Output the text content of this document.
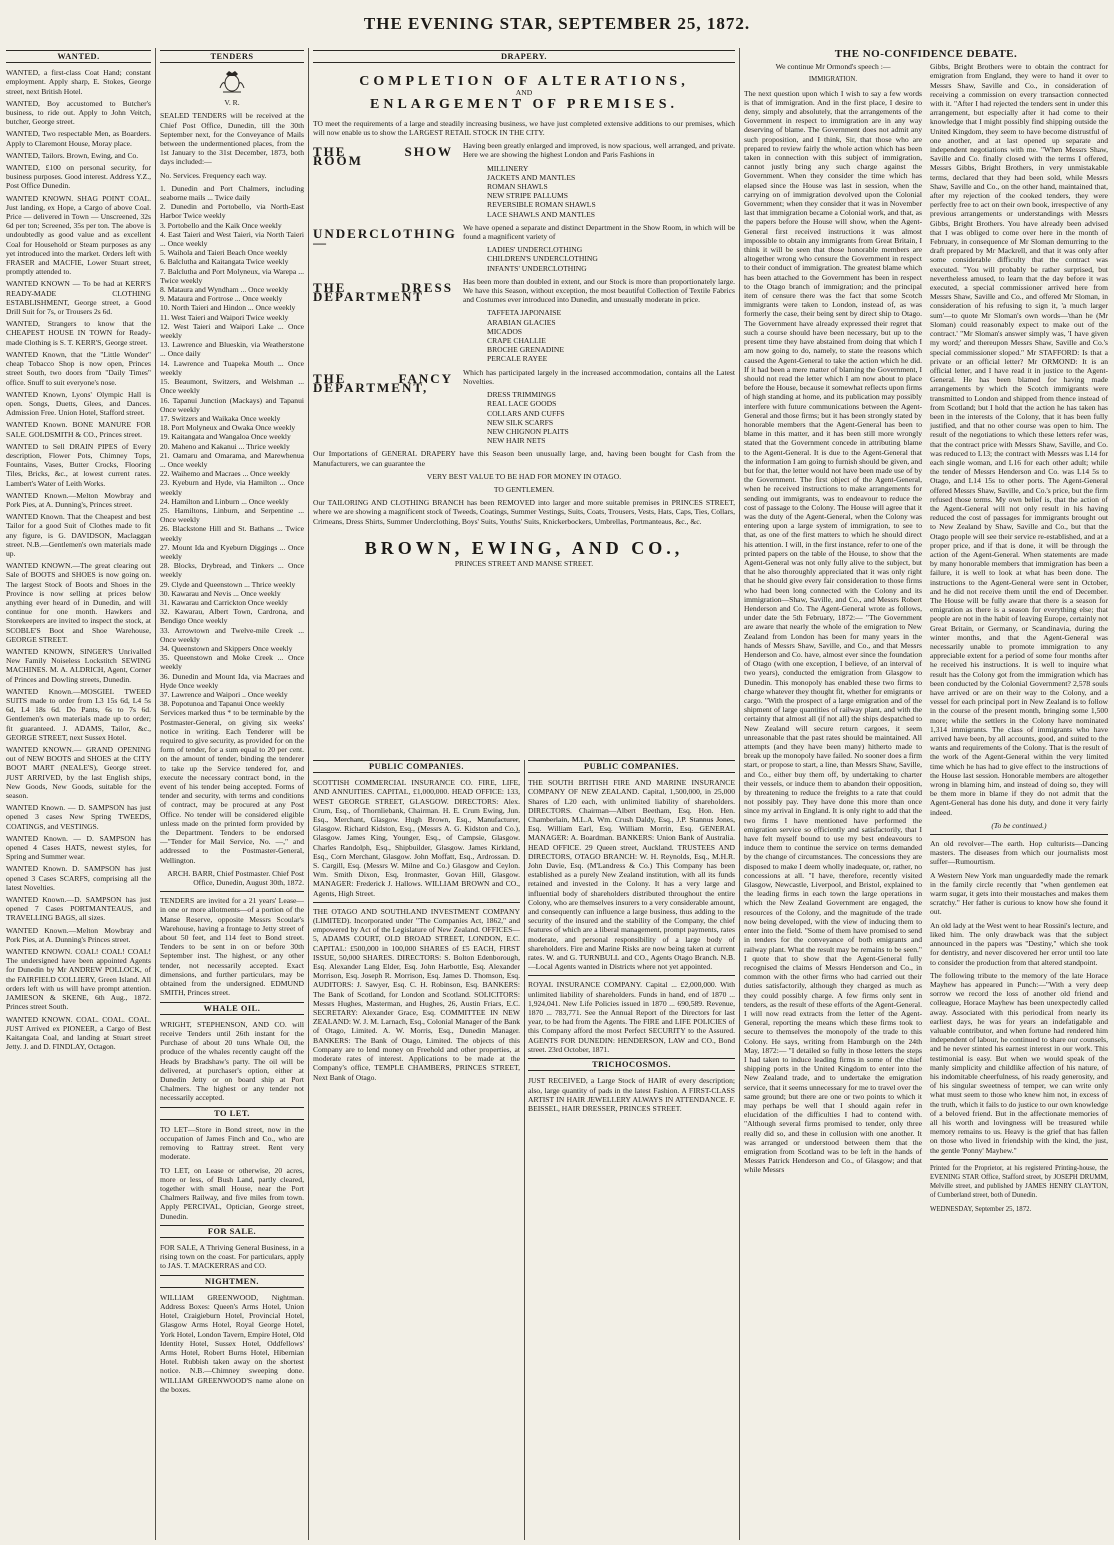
THE EVENING STAR, SEPTEMBER 25, 1872.
WANTED.
WANTED, a first-class Coat Hand; constant employment. Apply sharp, E. Stokes, George street, next British Hotel.
WANTED, Boy accustomed to Butcher's business, to ride out. Apply to John Veitch, butcher, George street.
WANTED, Two respectable Men, as Boarders. Apply to Claremont House, Moray place.
WANTED, Tailors. Brown, Ewing, and Co.
WANTED, £100 on personal security, for business purposes. Good interest. Address Y.Z., Post Office Dunedin.
WANTED KNOWN. SHAG POINT COAL. Just landing, ex Hope, a Cargo of above Coal. Price — delivered in Town — Unscreened, 32s 6d per ton; Screened, 35s per ton. The above is undoubtedly as good value and as excellent Coal for Household or Steam purposes as any yet introduced into the market. Orders left with FRASER and MACFIE, Lower Stuart street, promptly attended to.
WANTED KNOWN — To be had at KERR'S READY-MADE CLOTHING ESTABLISHMENT, George street, a Good Drill Suit for 7s, or Trousers 2s 6d.
WANTED, Strangers to know that the CHEAPEST HOUSE IN TOWN for Ready-made Clothing is S. T. KERR'S, George street.
WANTED Known, that the "Little Wonder" cheap Tobacco Shop is now open, Princes street South, two doors from "Daily Times" office. Snuff to suit everyone's nose.
WANTED Known, Lyons' Olympic Hall is open. Songs, Duetts, Glees, and Dances. Admission Free. Union Hotel, Stafford street.
WANTED Known. BONE MANURE FOR SALE. GOLDSMITH & CO., Princes street.
WANTED to Sell DRAIN PIPES of Every description, Flower Pots, Chimney Tops, Fountains, Vases, Butter Crocks, Flooring Tiles, Bricks, &c., at lowest current rates. Lambert's Water of Leith Works.
WANTED Known.—Melton Mowbray and Pork Pies, at A. Dunning's, Princes street.
WANTED Known. That the Cheapest and best Tailor for a good Suit of Clothes made to fit any figure, is G. DAVIDSON, Maclaggan street. N.B.—Gentlemen's own materials made up.
WANTED KNOWN.—The great clearing out Sale of BOOTS and SHOES is now going on. The largest Stock of Boots and Shoes in the Province is now selling at prices below anything ever heard of in Dunedin, and will continue for one month. Hawkers and Storekeepers are invited to inspect the stock, at SCOBLE'S Boot and Shoe Warehouse, GEORGE STREET.
WANTED KNOWN, SINGER'S Unrivalled New Family Noiseless Lockstitch SEWING MACHINES. M. A. ALDRICH, Agent, Corner of Princes and Dowling streets, Dunedin.
WANTED Known.—MOSGIEL TWEED SUITS made to order from L3 15s 6d, L4 5s 6d, L4 18s 6d. Do Pants, 6s to 7s 6d. Gentlemen's own materials made up to order; fit guaranteed. J. ADAMS, Tailor, &c., GEORGE STREET, next Sussex Hotel.
WANTED KNOWN.— GRAND OPENING out of NEW BOOTS and SHOES at the CITY BOOT MART (NEALE'S), George street. JUST ARRIVED, by the last English ships, New Goods, New Goods, suitable for the season.
WANTED Known. — D. SAMPSON has just opened 3 cases New Spring TWEEDS, COATINGS, and VESTINGS.
WANTED Known. — D. SAMPSON has opened 4 Cases HATS, newest styles, for Spring and Summer wear.
WANTED Known. D. SAMPSON has just opened 3 Cases SCARFS, comprising all the latest Novelties.
WANTED Known.—D. SAMPSON has just opened 7 Cases PORTMANTEAUS, and TRAVELLING BAGS, all sizes.
WANTED Known.—Melton Mowbray and Pork Pies, at A. Dunning's Princes street.
WANTED KNOWN. COAL! COAL! COAL! The undersigned have been appointed Agents for Dunedin by Mr ANDREW POLLOCK, of the FAIRFIELD COLLIERY, Green Island. All orders left with us will have prompt attention. JAMIESON & SKENE, 6th Aug., 1872. Princes street South.
WANTED KNOWN. COAL. COAL. COAL. JUST Arrived ex PIONEER, a Cargo of Best Kaitangata Coal, and landing at Stuart street Jetty. J. and D. FINDLAY, Octagon.
TENDERS

V. R.

SEALED TENDERS will be received at the Chief Post Office, Dunedin, till the 30th September next, for the Conveyance of Mails between the undermentioned places, from the 1st January to the 31st December, 1873, both days included:—

No. Services. Frequency each way.

1. Dunedin and Port Chalmers, including seaborne mails ... Twice daily
2. Dunedin and Portobello, via North-East Harbor Twice weekly
3. Portobello and the Kaik Once weekly
4. East Taieri and West Taieri, via North Taieri ... Once weekly
5. Waihola and Taieri Beach Once weekly
6. Balclutha and Kaitangata Twice weekly
7. Balclutha and Port Molyneux, via Warepa ... Twice weekly
8. Mataura and Wyndham ... Once weekly
9. Mataura and Fortrose ... Once weekly
10. North Taieri and Hindon ... Once weekly
11. West Taieri and Waipori Twice weekly
12. West Taieri and Waipori Lake ... Once weekly
13. Lawrence and Blueskin, via Weatherstone ... Once daily
14. Lawrence and Tuapeka Mouth ... Once weekly
15. Beaumont, Switzers, and Welshman ... Once weekly
16. Tapanui Junction (Mackays) and Tapanui Once weekly
17. Switzers and Waikaka Once weekly
18. Port Molyneux and Owaka Once weekly
19. Kaitangata and Wangaloa Once weekly
20. Maheno and Kakanui ... Thrice weekly
21. Oamaru and Omarama, and Marewhenua ... Once weekly
22. Waihemo and Macraes ... Once weekly
23. Kyeburn and Hyde, via Hamilton ... Once weekly
24. Hamilton and Linburn ... Once weekly
25. Hamiltons, Linburn, and Serpentine ... Once weekly
26. Blackstone Hill and St. Bathans ... Twice weekly
27. Mount Ida and Kyeburn Diggings ... Once weekly
28. Blocks, Drybread, and Tinkers ... Once weekly
29. Clyde and Queenstown ... Thrice weekly
30. Kawarau and Nevis ... Once weekly
31. Kawarau and Carrickton Once weekly
32. Kawarau, Albert Town, Cardrona, and Bendigo Once weekly
33. Arrowtown and Twelve-mile Creek ... Once weekly
34. Queenstown and Skippers Once weekly
35. Queenstown and Moke Creek ... Once weekly
36. Dunedin and Mount Ida, via Macraes and Hyde Once weekly
37. Lawrence and Waipori .. Once weekly
38. Popotunoa and Tapanui Once weekly

Services marked thus * to be terminable by the Postmaster-General, on giving six weeks' notice in writing. Each Tenderer will be required to give security, as provided for on the form of tender, for a sum equal to 20 per cent. on the amount of tender, binding the tenderer to take up the Service tendered for, and execute the necessary contract bond, in the event of his tender being accepted. Forms of tender and security, with terms and conditions of contract, may be procured at any Post Office. No tender will be considered eligible unless made on the printed form provided by the Department. Tenders to be endorsed—"Tender for Mail Service, No. —," and addressed to the Postmaster-General, Wellington.

ARCH. BARR, Chief Postmaster. Chief Post Office, Dunedin, August 30th, 1872.

TENDERS are invited for a 21 years' Lease—in one or more allotments—of a portion of the Manse Reserve, opposite Messrs Scoular's Warehouse, having a frontage to Jetty street of about 50 feet, and 114 feet to Bond street. Tenders to be sent in on or before 30th September inst. The highest, or any other tender, not necessarily accepted. Exact dimensions, and further particulars, may be obtained from the undersigned. EDMUND SMITH, Princes street.

WHALE OIL.

WRIGHT, STEPHENSON, AND CO. will receive Tenders until 26th instant for the Purchase of about 20 tuns Whale Oil, the produce of the whales recently caught off the Heads by Bradshaw's party. The oil will be delivered, at purchaser's option, either at Dunedin Jetty or on board ship at Port Chalmers. The highest or any tender not necessarily accepted.

TO LET.

TO LET—Store in Bond street, now in the occupation of James Finch and Co., who are removing to Rattray street. Rent very moderate.

TO LET, on Lease or otherwise, 20 acres, more or less, of Bush Land, partly cleared, together with small House, near the Port Chalmers Railway, and five miles from town. Apply PERCIVAL, Optician, George street, Dunedin.

FOR SALE.

FOR SALE, A Thriving General Business, in a rising town on the coast. For particulars, apply to JAS. T. MACKERRAS and CO.

NIGHTMEN.

WILLIAM GREENWOOD, Nightman. Address Boxes: Queen's Arms Hotel, Union Hotel, Craigieburn Hotel, Provincial Hotel, Glasgow Arms Hotel, Royal George Hotel, York Hotel, London Tavern, Empire Hotel, Old Identity Hotel, Sussex Hotel, Oddfellows' Arms Hotel, Robert Burns Hotel, Hibernian Hotel. Rubbish taken away on the shortest notice. N.B.—Chimney sweeping done. WILLIAM GREENWOOD'S name alone on the boxes.

DRAPERY.
COMPLETION OF ALTERATIONS,
AND
ENLARGEMENT OF PREMISES.

TO meet the requirements of a large and steadily increasing business, we have just completed extensive additions to our premises, which will now enable us to show the LARGEST RETAIL STOCK IN THE CITY.

THE SHOW ROOM

Having been greatly enlarged and improved, is now spacious, well arranged, and private. Here we are showing the highest London and Paris Fashions in

MILLINERY
JACKETS AND MANTLES
ROMAN SHAWLS
NEW STRIPE PALLUMS
REVERSIBLE ROMAN SHAWLS
LACE SHAWLS AND MANTLES
UNDERCLOTHING—

We have opened a separate and distinct Department in the Show Room, in which will be found a magnificent variety of

LADIES' UNDERCLOTHING
CHILDREN'S UNDERCLOTHING
INFANTS' UNDERCLOTHING
THE DRESS DEPARTMENT

Has been more than doubled in extent, and our Stock is more than proportionately large. We have this Season, without exception, the most beautiful Collection of Textile Fabrics and Costumes ever introduced into Dunedin, and unusually moderate in price.

TAFFETA JAPONAISE
ARABIAN GLACIES
MICADOS
CRAPE CHALLIE
BROCHE GRENADINE
PERCALE RAYEE
THE FANCY DEPARTMENT,

Which has participated largely in the increased accommodation, contains all the Latest Novelties.

DRESS TRIMMINGS
REAL LACE GOODS
COLLARS AND CUFFS
NEW SILK SCARFS
NEW CHIGNON PLAITS
NEW HAIR NETS

Our Importations of GENERAL DRAPERY have this Season been unusually large, and, having been bought for Cash from the Manufacturers, we can guarantee the

VERY BEST VALUE TO BE HAD FOR MONEY IN OTAGO.

TO GENTLEMEN.

Our TAILORING AND CLOTHING BRANCH has been REMOVED into larger and more suitable premises in PRINCES STREET, where we are showing a magnificent stock of Tweeds, Coatings, Summer Vestings, Suits, Coats, Trousers, Vests, Hats, Caps, Ties, Collars, Crimeans, Dress Shirts, Summer Underclothing, Boys' Suits, Youths' Suits, Knickerbockers, Umbrellas, Portmanteaus, &c., &c.

BROWN, EWING, AND CO.,

PRINCES STREET AND MANSE STREET.

PUBLIC COMPANIES.

SCOTTISH COMMERCIAL INSURANCE CO. FIRE, LIFE, AND ANNUITIES. CAPITAL, £1,000,000. HEAD OFFICE: 133, WEST GEORGE STREET, GLASGOW. DIRECTORS: Alex. Crum, Esq., of Thornliebank, Chairman. H. E. Crum Ewing, Jun. Esq., Merchant, Glasgow. Hugh Brown, Esq., Manufacturer, Glasgow. Richard Kidston, Esq., (Messrs A. G. Kidston and Co.), Glasgow. James King, Younger, Esq., of Campsie, Glasgow. Charles Randolph, Esq., Shipbuilder, Glasgow. James Kirkland, Esq., Corn Merchant, Glasgow. John Moffatt, Esq., Ardrossan. D. S. Cargill, Esq. (Messrs W. Milne and Co.) Glasgow and Ceylon. Wm. Smith Dixon, Esq, Ironmaster, Govan Hill, Glasgow. MANAGER: Frederick J. Hallows. WILLIAM BROWN and CO., Agents, High Street.

THE OTAGO AND SOUTHLAND INVESTMENT COMPANY (LIMITED). Incorporated under "The Companies Act, 1862," and empowered by Act of the Legislature of New Zealand. OFFICES—5, ADAMS COURT, OLD BROAD STREET, LONDON, E.C. CAPITAL: £500,000 in 100,000 SHARES of £5 EACH, FIRST ISSUE, 50,000 SHARES. DIRECTORS: S. Bolton Edenborough, Esq. Alexander Lang Elder, Esq. John Harbottle, Esq. Alexander Morrison, Esq. Joseph R. Morrison, Esq. James D. Thomson, Esq. AUDITORS: J. Sawyer, Esq. C. H. Robinson, Esq. BANKERS: The Bank of Scotland, for London and Scotland. SOLICITORS: Messrs Hughes, Masterman, and Hughes, 26, Austin Friars, E.C. SECRETARY: Alexander Grace, Esq. COMMITTEE IN NEW ZEALAND: W. J. M. Larnach, Esq., Colonial Manager of the Bank of Otago, Limited. A. W. Morris, Esq., Dunedin Manager. BANKERS: The Bank of Otago, Limited. The objects of this Company are to lend money on Freehold and other properties, at moderate rates of interest. Applications to be made at the Company's office, TEMPLE CHAMBERS, PRINCES STREET, Next Bank of Otago.

PUBLIC COMPANIES.

THE SOUTH BRITISH FIRE AND MARINE INSURANCE COMPANY OF NEW ZEALAND. Capital, 1,500,000, in 25,000 Shares of L20 each, with unlimited liability of shareholders. DIRECTORS. Chairman—Albert Beetham, Esq. Hon. Hen. Chamberlain, M.L.A. Wm. Crush Daldy, Esq., J.P. Stannus Jones, Esq. William Earl, Esq. William Morrin, Esq. GENERAL MANAGER: A. Boardman. BANKERS: Union Bank of Australia. HEAD OFFICE. 29 Queen street, Auckland. TRUSTEES AND DIRECTORS, OTAGO BRANCH: W. H. Reynolds, Esq., M.H.R. John Davie, Esq. (M'Landress & Co.) This Company has been established as a purely New Zealand institution, with all its funds retained and invested in the Colony. It has a very large and influential body of shareholders distributed throughout the entire Colony, who are themselves insurers to a very considerable amount, and consequently can influence a large business, thus adding to the security of the insured and the stability of the Company, the chief features of which are a liberal management, prompt payments, rates moderate, and personal responsibility of a large body of shareholders. Fire and Marine Risks are now being taken at current rates. W. and G. TURNBULL and CO., Agents Otago Branch. N.B.—Local Agents wanted in Districts where not yet appointed.

ROYAL INSURANCE COMPANY. Capital ... £2,000,000. With unlimited liability of shareholders. Funds in hand, end of 1870 ... 1,924,041. New Life Policies issued in 1870 ... 690,589. Revenue, 1870 ... 783,771. See the Annual Report of the Directors for last year, to be had from the Agents. The FIRE and LIFE POLICIES of this Company afford the most Perfect SECURITY to the Assured. AGENTS FOR DUNEDIN: HENDERSON, LAW and CO., Bond street. 23rd October, 1871.

TRICHOCOSMOS.

JUST RECEIVED, a Large Stock of HAIR of every description; also, large quantity of pads in the latest Fashion. A FIRST-CLASS ARTIST IN HAIR JEWELLERY ALWAYS IN ATTENDANCE. F. BEISSEL, HAIR DRESSER, PRINCES STREET.

THE NO-CONFIDENCE DEBATE.

We continue Mr Ormond's speech :—

IMMIGRATION.

The next question upon which I wish to say a few words is that of immigration. And in the first place, I desire to deny, simply and absolutely, that the arrangements of the Government in respect to immigration are in any way deserving of blame. The Government does not admit any such proposition, and I think, Sir, that those who are prepared to review fairly the whole action which has been taken in connection with this subject of immigration, cannot justly bring any such charge against the Government. When they consider the time which has elapsed since the House was last in session, when the carrying on of immigration devolved upon the Colonial Government; when they consider that it was in November last that immigration became a Colonial work, and that, as the papers before the House will show, when the Agent-General first received instructions it was almost impossible to obtain any immigrants from Great Britain, I think it will be seen that those honorable members are altogether wrong who censure the Government in respect to their conduct of immigration. The greatest blame which has been attached to the Government has been in respect to the Otago branch of immigration; and the principal item of censure there was the fact that some Scotch immigrants were taken to London, instead of, as was formerly the case, their being sent by direct ship to Otago. The Government have already expressed their regret that such a course should have been necessary, but up to the present time they have abstained from doing that which I am now going to do, namely, to state the reasons which caused the Agent-General to take the action which he did. If it had been a mere matter of blaming the Government, I should not read the letter which I am now about to place before the House, because it somewhat reflects upon firms of high standing at home, and its publication may possibly interfere with future communications between the Agent-General and those firms; but it has been strongly stated by honorable members that the Agent-General has been to blame in this matter, and it has been still more wrongly stated that the Government concede in attributing blame to the Agent-General. It is due to the Agent-General that the information I am going to furnish should be given, and but for that, the letter would not have been made use of by the Government. The first object of the Agent-General, when he received instructions to make arrangements for sending out immigrants, was to endeavour to reduce the cost of passage to the Colony. The House will agree that it was the duty of the Agent-General, when the Colony was entering upon a large system of immigration, to see to that, as one of the first matters to which he should direct his attention. I will, in the first instance, refer to one of the printed papers on the table of the House, to show that the Agent-General was not only fully alive to the subject, but that he also thoroughly appreciated that it was only right that he should give every fair consideration to those firms who had been long connected with the Colony and its immigration—Shaw, Saville, and Co., and Messrs Robert Henderson and Co. The Agent-General wrote as follows, under date the 5th February, 1872:— "The Government are aware that nearly the whole of the emigration to New Zealand from London has been for many years in the hands of Messrs Shaw, Saville, and Co., and that Messrs Henderson and Co. have, almost ever since the foundation of Otago (with one exception, I believe, of an interval of two years), conducted the emigration from Glasgow to Dunedin. This monopoly has enabled these two firms to charge whatever they thought fit, whether for emigrants or cargo. "With the prospect of a large emigration and of the shipment of large quantities of railway plant, and with the certainty that almost all (if not all) the ships despatched to New Zealand will secure return cargoes, it seem unreasonable that the past rates should be maintained. All attempts (and they have been many) hitherto made to break up the monopoly have failed. No sooner does a firm start, or propose to start, a line, than Messrs Shaw, Saville, and Co., either buy them off, by undertaking to charter their vessels, or induce them to abandon their opposition, by threatening to reduce the freights to a rate that could not possibly pay. They have done this more than once since my arrival in England. It is only right to add that the two firms I have mentioned have performed the emigration service so efficiently and satisfactorily, that I have felt myself bound to use my best endeavours to induce them to continue the service on terms demanded by the change of circumstances. The concessions they are disposed to make I deem wholly inadequate, or, rather, no concessions at all. "I have, therefore, recently visited Glasgow, Newcastle, Liverpool, and Bristol, explained to the leading firms in each town the large operations in which the New Zealand Government are engaged, the resources of the Colony, and the magnitude of the trade now being developed, with the view of inducing them to enter into the field. "Some of them have promised to send in tenders for the conveyance of both emigrants and railway plant. What the result may be remains to be seen." I quote that to show that the Agent-General fully recognised the claims of Messrs Henderson and Co., in common with the other firms who had carried out their duties satisfactorily, although they charged as much as they could possibly charge. A few firms only sent in tenders, as the result of these efforts of the Agent-General. I will now read extracts from the letter of the Agent-General, reporting the means which these firms took to secure to themselves the monopoly of the trade to this Colony. He says, writing from Hamburgh on the 24th May, 1872:— "I detailed so fully in those letters the steps I had taken to induce leading firms in some of the chief shipping ports in the United Kingdom to enter into the New Zealand trade, and to undertake the emigration service, that it seems unnecessary for me to travel over the same ground; but there are one or two points to which it may perhaps be well that I should again refer in elucidation of the difficulties I had to contend with. "Although several firms promised to tender, only three really did so, and these in collusion with one another. It was arranged or understood between them that the emigration from Scotland was to be left in the hands of Messrs Patrick Henderson and Co., of Glasgow; and that while Messrs

Gibbs, Bright Brothers were to obtain the contract for emigration from England, they were to hand it over to Messrs Shaw, Saville and Co., in consideration of receiving a commission on every transaction connected with it. "After I had rejected the tenders sent in under this arrangement, but especially after it had come to their knowledge that I might possibly find shipping outside the United Kingdom, they seem to have become distrustful of one another, and at last opened up separate and independent negotiations with me. "When Messrs Shaw, Saville and Co. finally closed with the terms I offered, Messrs Gibbs, Bright Brothers, in very unmistakable terms, declared that they had been sold, while Messrs Shaw, Saville and Co., on the other hand, maintained that, after my rejection of the cooked tenders, they were perfectly free to act on their own book, irrespective of any previous arrangements or understandings with Messrs Gibbs, Bright Brothers. You have already been advised that I was obliged to come over here in the month of February, in consequence of Mr Sloman demurring to the draft prepared by Mr Mackrell, and that it was only after some considerable difficulty that the contract was executed. "You will probably be rather surprised, but nevertheless amused, to learn that the day before it was executed, a special commissioner arrived here from Messrs Shaw, Saville and Co., and offered Mr Sloman, in consideration of his refusing to sign it, 'a much larger sum'—to quote Mr Sloman's own words—'than he (Mr Sloman) could reasonably expect to make out of the contract.' "Mr Sloman's answer simply was, 'I have given my word;' and thereupon Messrs Shaw, Saville and Co.'s special commissioner sloped." Mr STAFFORD: Is that a private or an official letter? Mr ORMOND: It is an official letter, and I have read it in justice to the Agent-General. He has been blamed for having made arrangements by which the Scotch immigrants were transmitted to London and shipped from thence instead of from Scotland; but I hold that the action he has taken has been in the interests of the Colony, that it has been fully justified, and that no other course was open to him. The result of the negotiations to which these letters refer was, that the contract price with Messrs Shaw, Saville, and Co. was reduced to L13; the contract with Messrs was L14 for each single woman, and L16 for each other adult; while the tender of Messrs Henderson and Co. was L14 5s to Otago, and L14 15s to other ports. The Agent-General offered Messrs Shaw, Saville, and Co.'s price, but the firm refused those terms. My own belief is, that the action of the Agent-General will not only result in his having reduced the cost of passages for immigrants brought out to New Zealand by Shaw, Saville and Co., but that the Otago people will see their service re-established, and at a proper price, and if that is done, it will be through the action of the Agent-General. When statements are made by many honorable members that immigration has been a failure, it is well to look at what has been done. The instructions to the Agent-General were sent in October, and he did not receive them until the end of December. The House will be fully aware that there is a season for emigration as there is a season for everything else; that people are not in the habit of leaving Europe, certainly not Great Britain, or Germany, or Scandinavia, during the winter months, and that the Agent-General was necessarily unable to promote immigration to any appreciable extent for a period of some four months after he received his instructions. It is well to inquire what result has the Colony got from the immigration which has been conducted by the Colonial Government? 2,578 souls have arrived or are on their way to the Colony, and a vessel for each principal port in New Zealand is to follow in the course of the present month, bringing some 1,500 more; while the settlers in the Colony have nominated 1,314 immigrants. The class of immigrants who have arrived have been, by all accounts, good, and suited to the wants and requirements of the Colony. That is the result of the work of the Agent-General within the very limited time which he has had to give effect to the instructions of the House last session. Honorable members are altogether wrong in blaming him, and instead of doing so, they will be them more in blame if they do not admit that the Agent-General has done his duty, and done it very fairly indeed.

(To be continued.)

An old revolver—The earth. Hop culturists—Dancing masters. The diseases from which our journalists most suffer—Rumourtism.

A Western New York man unguardedly made the remark in the family circle recently that "when gentlemen eat warm sugar, it gets into their moustaches and makes them scratchy." Her father is curious to know how she found it out.

An old lady at the West went to hear Rossini's lecture, and liked him. The only drawback was that the subject announced in the papers was "Destiny," which she took for dentistry, and never discovered her error until too late to consider the production from that altered standpoint.

The following tribute to the memory of the late Horace Mayhew has appeared in Punch:—"With a very deep sorrow we record the loss of another old friend and colleague, Horace Mayhew has been unexpectedly called away. Associated with this periodical from nearly its earliest days, he was for years an indefatigable and valuable contributor, and when fortune had rendered him independent of labour, he continued to share our counsels, and he never stinted his earnest interest in our work. This testimonial is easy. But when we would speak of the manly simplicity and childlike affection of his nature, of his indomitable cheerfulness, of his ready generosity, and of his singular sweetness of temper, we can write only what must seem to those who knew him not, in excess of the truth, which it fails to do justice to our own knowledge of a beloved friend. But in the affectionate memories of all his worth and lovingness will be treasured while memory remains to us. Heavy is the grief that has fallen on those who lived in friendship with the kind, the just, the gentle 'Ponny' Mayhew."

Printed for the Proprietor, at his registered Printing-house, the EVENING STAR Office, Stafford street, by JOSEPH DRUMM, Melville street, and published by JAMES HENRY CLAYTON, of Cumberland street, both of Dunedin.

WEDNESDAY, September 25, 1872.
